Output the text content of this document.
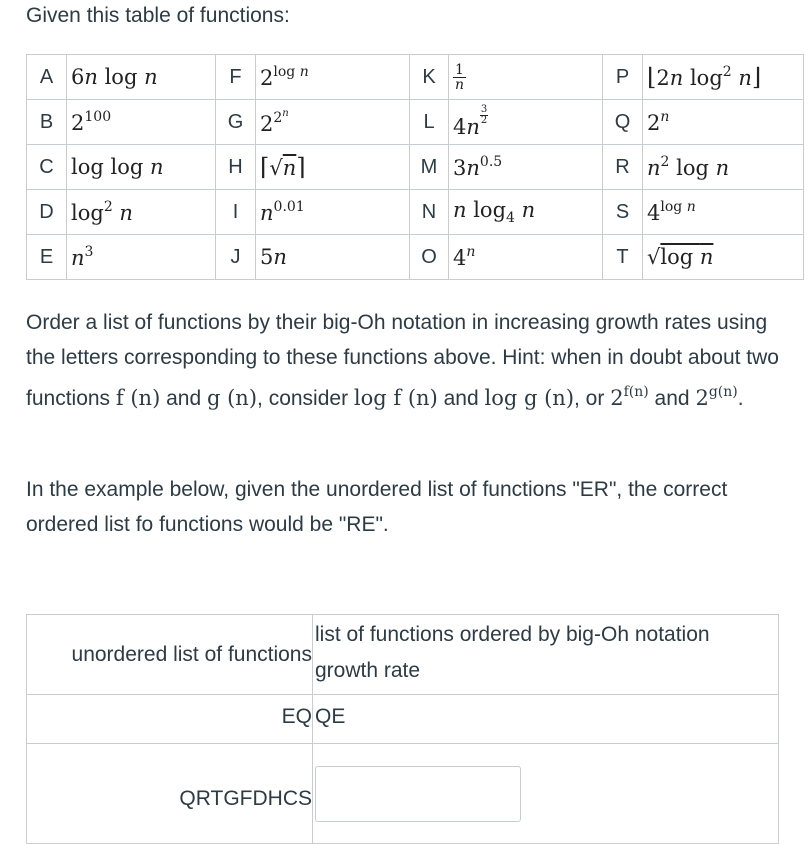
Given this table of functions:

A	6n log n	F	$2^{log n}$	K	$\frac{1}{n}$	P	⌊2n $\log^2$ n⌋
B	$2^{100}$	G	$2^{2^n}$	L	$4n \frac{3}{2}$	Q	2$^n$
C	log log n	H	⌈√n⌉	M	$3n^{0.5}$	R	$n^2$ log n
D	$\log^2 n$	I	$n^{0.01}$	N	n $\log_4 n$	S	$4^{log n}$
E	$n^3$	J	5n	O	4$^n$	T	√log n

Order a list of functions by their big-Oh notation in increasing growth rates using the letters corresponding to these functions above. Hint: when in doubt about two functions f (n) and g (n), consider log f (n) and log g (n), or $2^{f(n)}$ and $2^{g(n)}$.

In the example below, given the unordered list of functions "ER", the correct ordered list fo functions would be "RE".

unordered list of functions	list of functions ordered by big-Oh notation growth rate
EQ	QE
QRTGFDHCS	
